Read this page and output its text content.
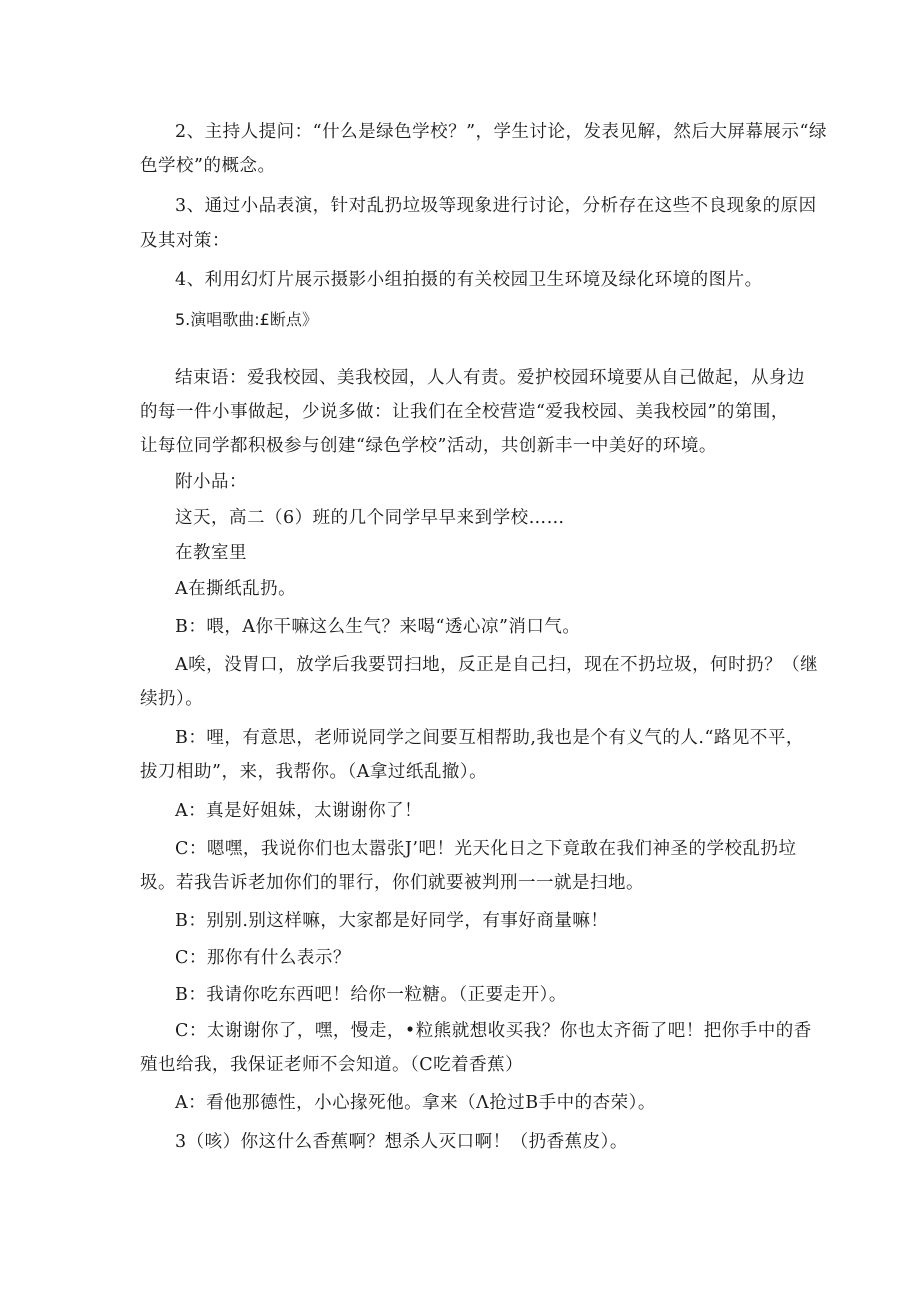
2、主持人提问：“什么是绿色学校？”，学生讨论，发表见解，然后大屏幕展示“绿
色学校”的概念。
3、通过小品表演，针对乱扔垃圾等现象进行讨论，分析存在这些不良现象的原因
及其对策：
4、利用幻灯片展示摄影小组拍摄的有关校园卫生环境及绿化环境的图片。
5.演唱歌曲:£断点》
结束语：爱我校园、美我校园，人人有责。爱护校园环境要从自己做起，从身边
的每一件小事做起，少说多做：让我们在全校营造“爱我校园、美我校园”的第围，
让每位同学都积极参与创建“绿色学校”活动，共创新丰一中美好的环境。
附小品：
这天，高二（6）班的几个同学早早来到学校……
在教室里
A在撕纸乱扔。
B：喂，A你干嘛这么生气？来喝“透心凉”消口气。
A唉，没胃口，放学后我要罚扫地，反正是自己扫，现在不扔垃圾，何时扔？（继
续扔）。
B：哩，有意思，老师说同学之间要互相帮助,我也是个有义气的人.“路见不平，
拔刀相助”，来，我帮你。（A拿过纸乱撤）。
A：真是好姐妹，太谢谢你了！
C：嗯嘿，我说你们也太嚣张J’吧！光天化日之下竟敢在我们神圣的学校乱扔垃
圾。若我告诉老加你们的罪行，你们就要被判刑一一就是扫地。
B：别别.别这样嘛，大家都是好同学，有事好商量嘛！
C：那你有什么表示？
B：我请你吃东西吧！给你一粒糖。（正要走开）。
C：太谢谢你了，嘿，慢走，•粒熊就想收买我？你也太齐衙了吧！把你手中的香
殖也给我，我保证老师不会知道。（C吃着香蕉）
A：看他那德性，小心掾死他。拿来（Λ抢过B手中的杏荣）。
3（咳）你这什么香蕉啊？想杀人灭口啊！（扔香蕉皮）。
